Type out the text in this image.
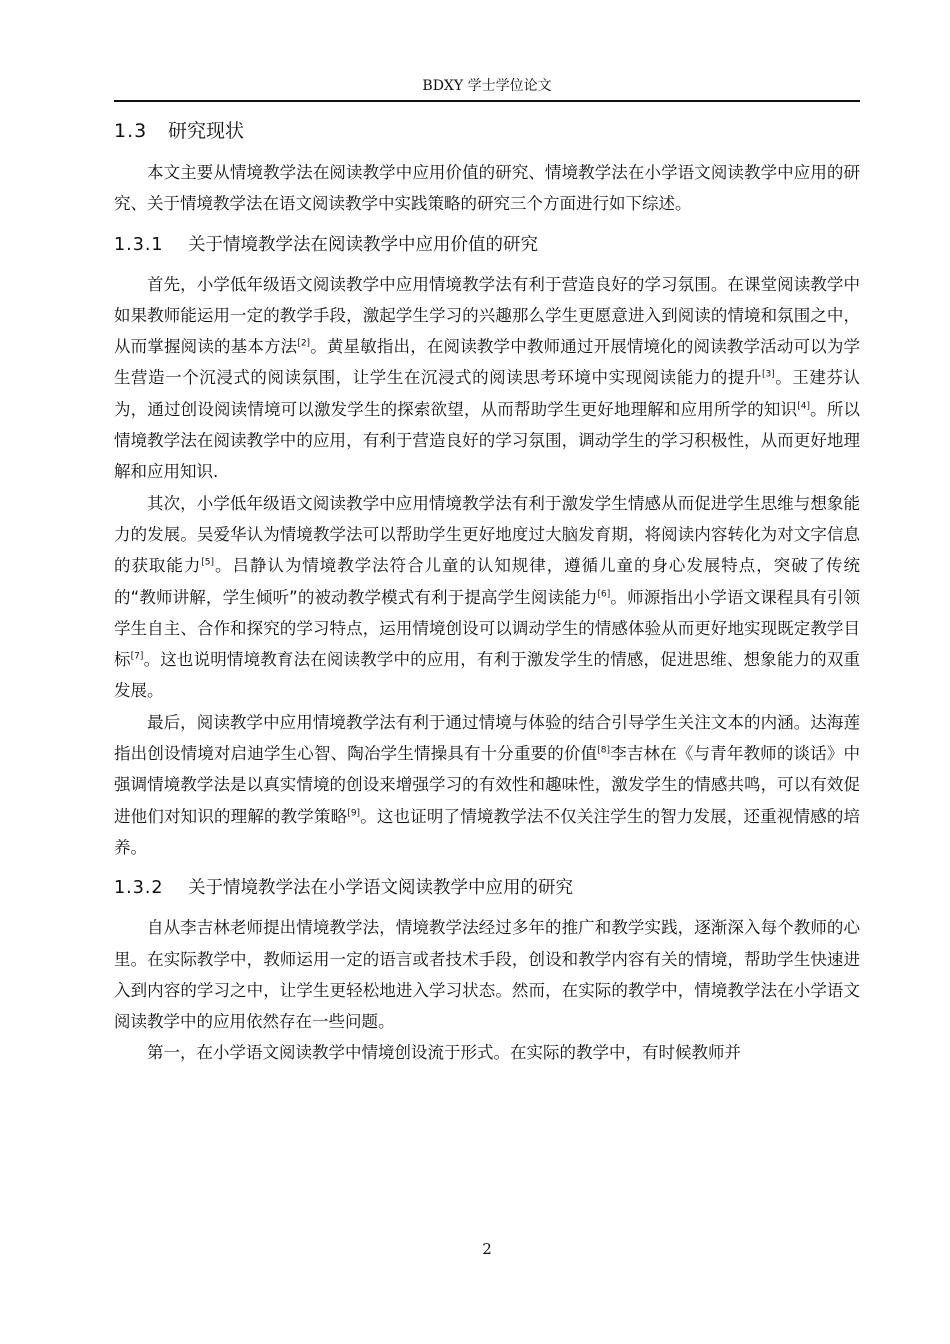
BDXY 学士学位论文
1.3 研究现状

本文主要从情境教学法在阅读教学中应用价值的研究、情境教学法在小学语文阅读教学中应用的研究、关于情境教学法在语文阅读教学中实践策略的研究三个方面进行如下综述。

1.3.1 关于情境教学法在阅读教学中应用价值的研究

首先，小学低年级语文阅读教学中应用情境教学法有利于营造良好的学习氛围。在课堂阅读教学中如果教师能运用一定的教学手段，激起学生学习的兴趣那么学生更愿意进入到阅读的情境和氛围之中，从而掌握阅读的基本方法[2]。黄星敏指出，在阅读教学中教师通过开展情境化的阅读教学活动可以为学生营造一个沉浸式的阅读氛围，让学生在沉浸式的阅读思考环境中实现阅读能力的提升[3]。王建芬认为，通过创设阅读情境可以激发学生的探索欲望，从而帮助学生更好地理解和应用所学的知识[4]。所以情境教学法在阅读教学中的应用，有利于营造良好的学习氛围，调动学生的学习积极性，从而更好地理解和应用知识.

其次，小学低年级语文阅读教学中应用情境教学法有利于激发学生情感从而促进学生思维与想象能力的发展。吴爱华认为情境教学法可以帮助学生更好地度过大脑发育期，将阅读内容转化为对文字信息的获取能力[5]。吕静认为情境教学法符合儿童的认知规律，遵循儿童的身心发展特点，突破了传统的“教师讲解，学生倾听”的被动教学模式有利于提高学生阅读能力[6]。师源指出小学语文课程具有引领学生自主、合作和探究的学习特点，运用情境创设可以调动学生的情感体验从而更好地实现既定教学目标[7]。这也说明情境教育法在阅读教学中的应用，有利于激发学生的情感，促进思维、想象能力的双重发展。

最后，阅读教学中应用情境教学法有利于通过情境与体验的结合引导学生关注文本的内涵。达海莲指出创设情境对启迪学生心智、陶冶学生情操具有十分重要的价值[8]李吉林在《与青年教师的谈话》中强调情境教学法是以真实情境的创设来增强学习的有效性和趣味性，激发学生的情感共鸣，可以有效促进他们对知识的理解的教学策略[9]。这也证明了情境教学法不仅关注学生的智力发展，还重视情感的培养。

1.3.2 关于情境教学法在小学语文阅读教学中应用的研究

自从李吉林老师提出情境教学法，情境教学法经过多年的推广和教学实践，逐渐深入每个教师的心里。在实际教学中，教师运用一定的语言或者技术手段，创设和教学内容有关的情境，帮助学生快速进入到内容的学习之中，让学生更轻松地进入学习状态。然而，在实际的教学中，情境教学法在小学语文阅读教学中的应用依然存在一些问题。

第一，在小学语文阅读教学中情境创设流于形式。在实际的教学中，有时候教师并

2
